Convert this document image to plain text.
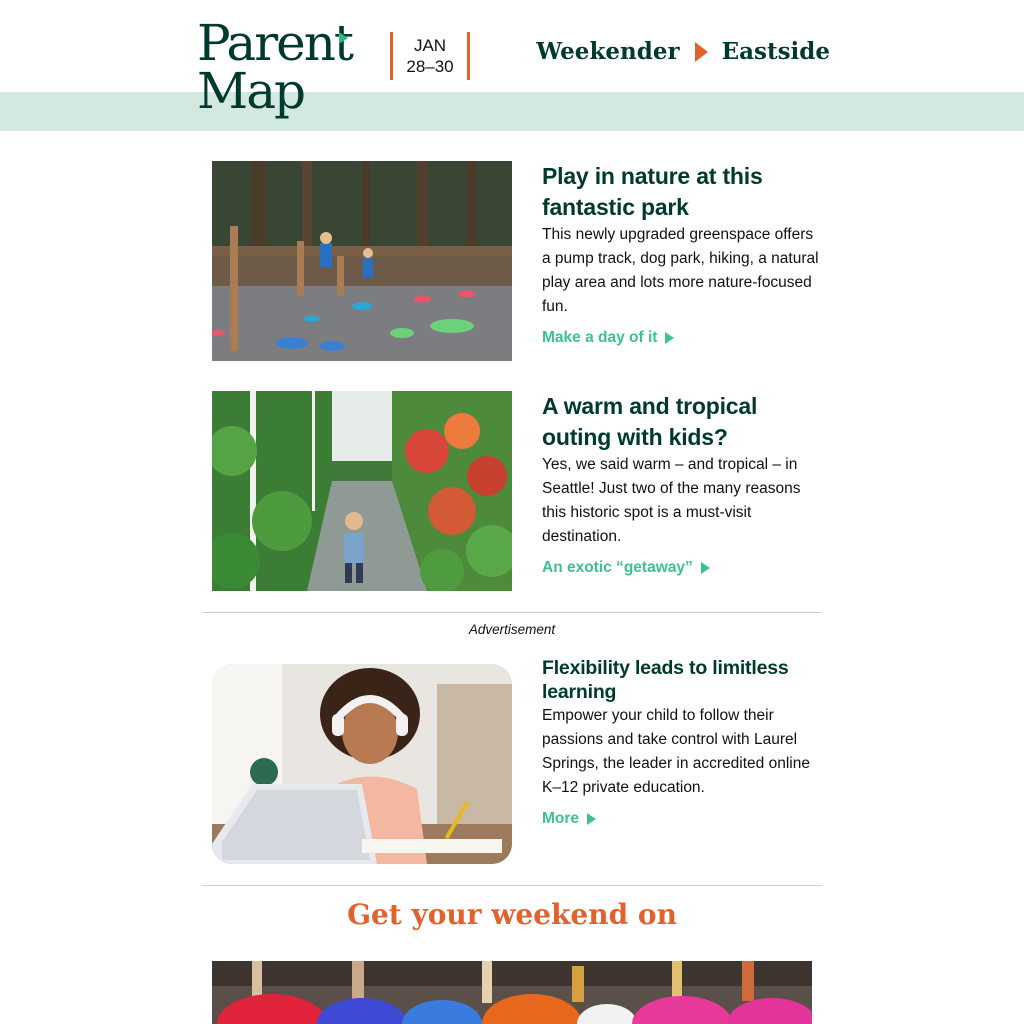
Parent
Map
JAN
28–30
Weekender Eastside
Play in nature at this fantastic park

This newly upgraded greenspace offers a pump track, dog park, hiking, a natural play area and lots more nature-focused fun.

Make a day of it
A warm and tropical outing with kids?

Yes, we said warm – and tropical – in Seattle! Just two of the many reasons this historic spot is a must-visit destination.

An exotic “getaway”
Advertisement
Flexibility leads to limitless learning

Empower your child to follow their passions and take control with Laurel Springs, the leader in accredited online K–12 private education.

More
Get your weekend on
